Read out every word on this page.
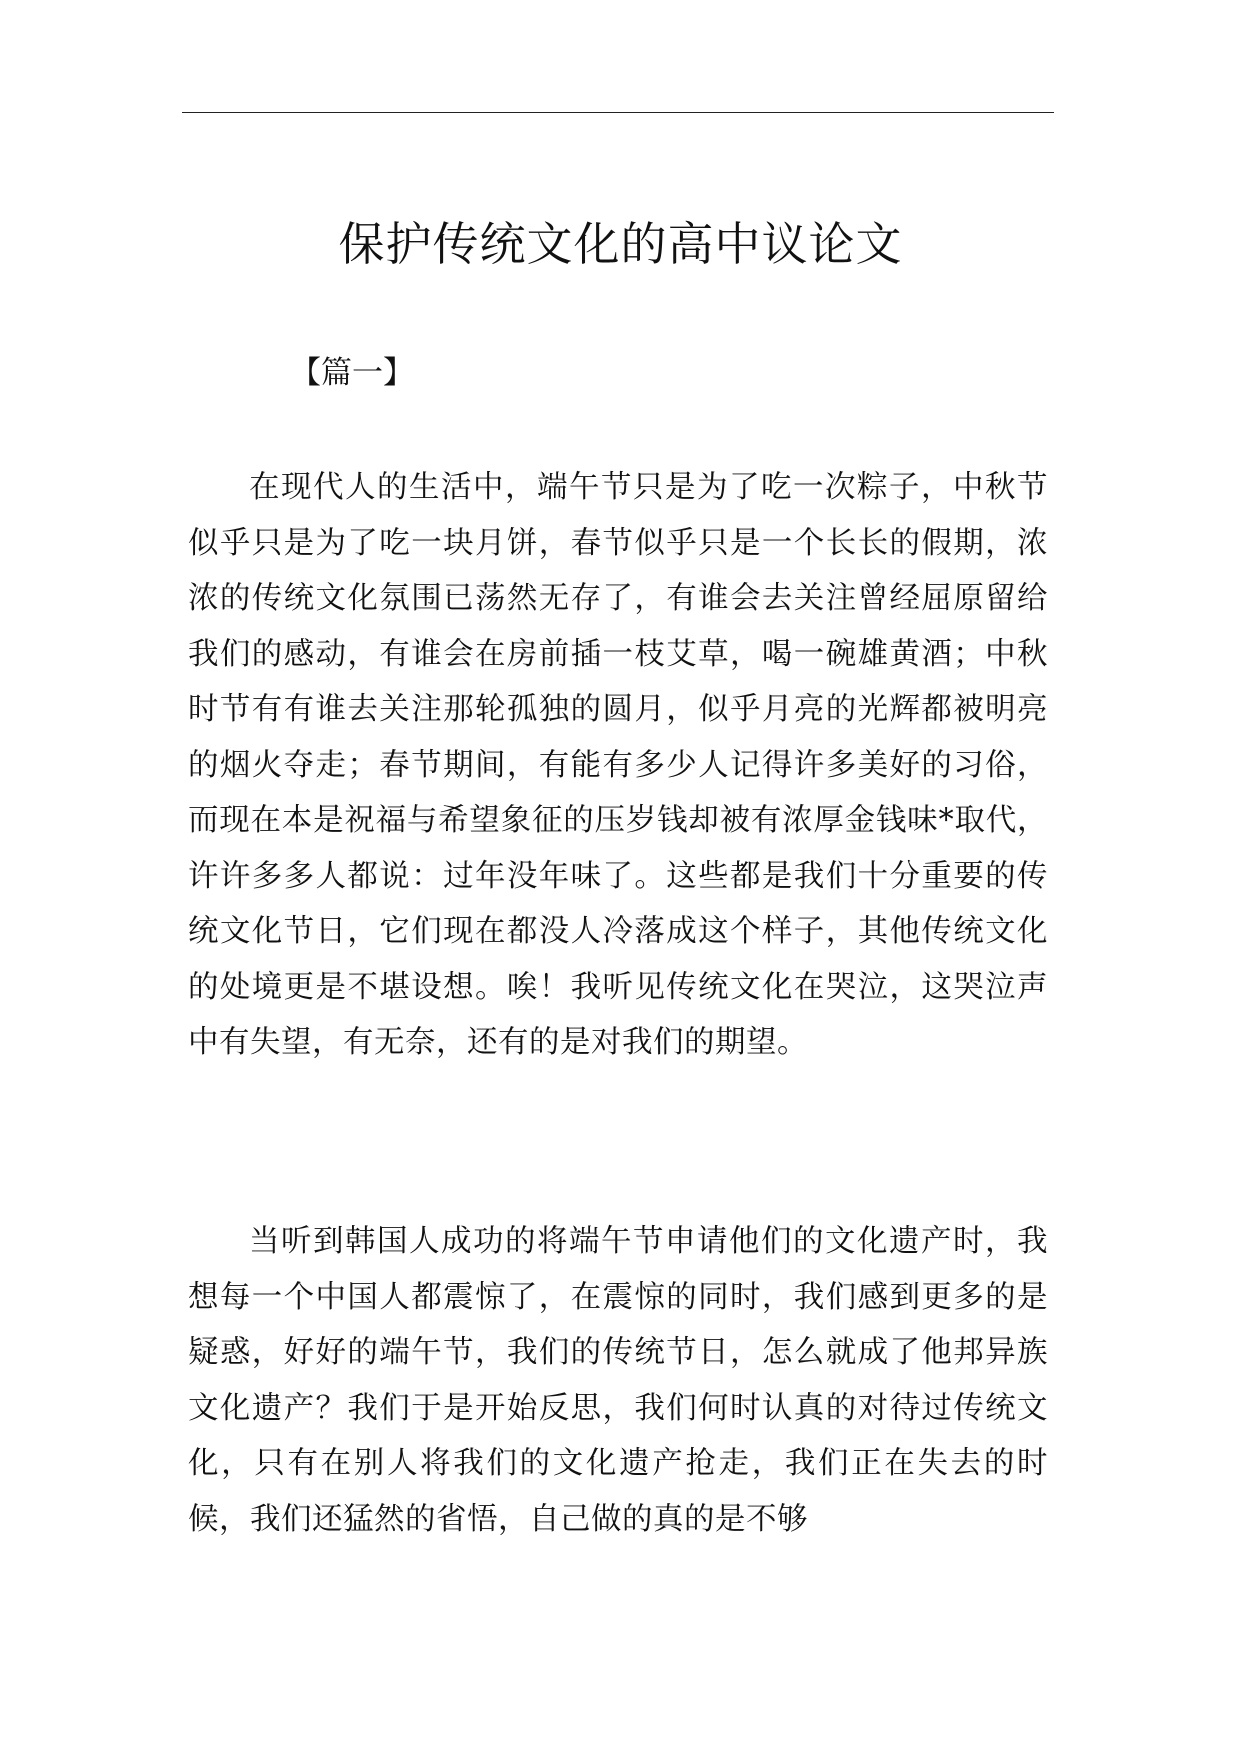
保护传统文化的高中议论文

【篇一】

在现代人的生活中，端午节只是为了吃一次粽子，中秋节似乎只是为了吃一块月饼，春节似乎只是一个长长的假期，浓浓的传统文化氛围已荡然无存了，有谁会去关注曾经屈原留给我们的感动，有谁会在房前插一枝艾草，喝一碗雄黄酒；中秋时节有有谁去关注那轮孤独的圆月，似乎月亮的光辉都被明亮的烟火夺走；春节期间，有能有多少人记得许多美好的习俗，而现在本是祝福与希望象征的压岁钱却被有浓厚金钱味*取代，许许多多人都说：过年没年味了。这些都是我们十分重要的传统文化节日，它们现在都没人冷落成这个样子，其他传统文化的处境更是不堪设想。唉！我听见传统文化在哭泣，这哭泣声中有失望，有无奈，还有的是对我们的期望。

当听到韩国人成功的将端午节申请他们的文化遗产时，我想每一个中国人都震惊了，在震惊的同时，我们感到更多的是疑惑，好好的端午节，我们的传统节日，怎么就成了他邦异族文化遗产？我们于是开始反思，我们何时认真的对待过传统文化，只有在别人将我们的文化遗产抢走，我们正在失去的时候，我们还猛然的省悟，自己做的真的是不够
